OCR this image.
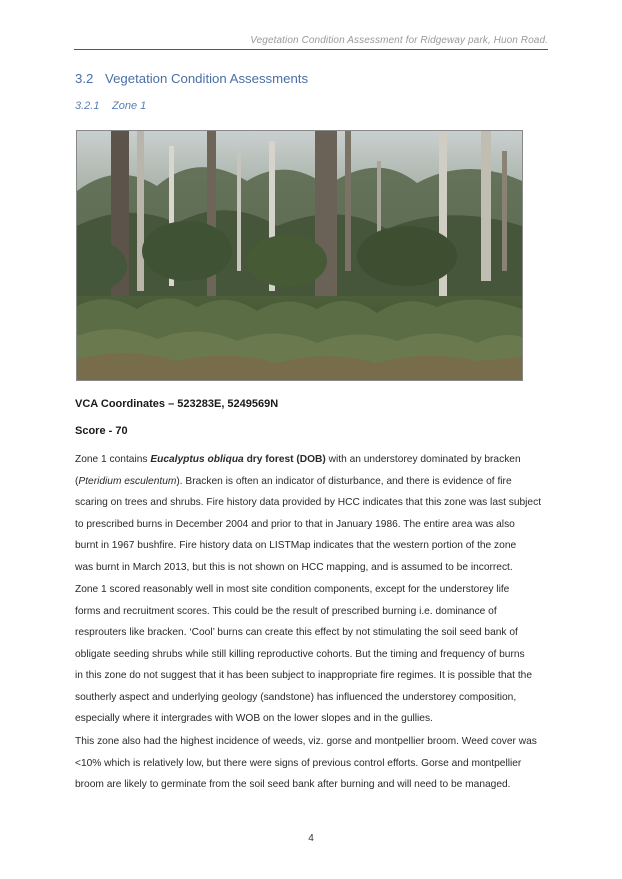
Vegetation Condition Assessment for Ridgeway park, Huon Road.
3.2 Vegetation Condition Assessments
3.2.1 Zone 1
VCA Coordinates – 523283E, 5249569N
Score - 70
Zone 1 contains Eucalyptus obliqua dry forest (DOB) with an understorey dominated by bracken
(Pteridium esculentum). Bracken is often an indicator of disturbance, and there is evidence of fire
scaring on trees and shrubs. Fire history data provided by HCC indicates that this zone was last subject
to prescribed burns in December 2004 and prior to that in January 1986. The entire area was also
burnt in 1967 bushfire. Fire history data on LISTMap indicates that the western portion of the zone
was burnt in March 2013, but this is not shown on HCC mapping, and is assumed to be incorrect.
Zone 1 scored reasonably well in most site condition components, except for the understorey life
forms and recruitment scores. This could be the result of prescribed burning i.e. dominance of
resprouters like bracken. ‘Cool’ burns can create this effect by not stimulating the soil seed bank of
obligate seeding shrubs while still killing reproductive cohorts. But the timing and frequency of burns
in this zone do not suggest that it has been subject to inappropriate fire regimes. It is possible that the
southerly aspect and underlying geology (sandstone) has influenced the understorey composition,
especially where it intergrades with WOB on the lower slopes and in the gullies.
This zone also had the highest incidence of weeds, viz. gorse and montpellier broom. Weed cover was
<10% which is relatively low, but there were signs of previous control efforts. Gorse and montpellier
broom are likely to germinate from the soil seed bank after burning and will need to be managed.
4
